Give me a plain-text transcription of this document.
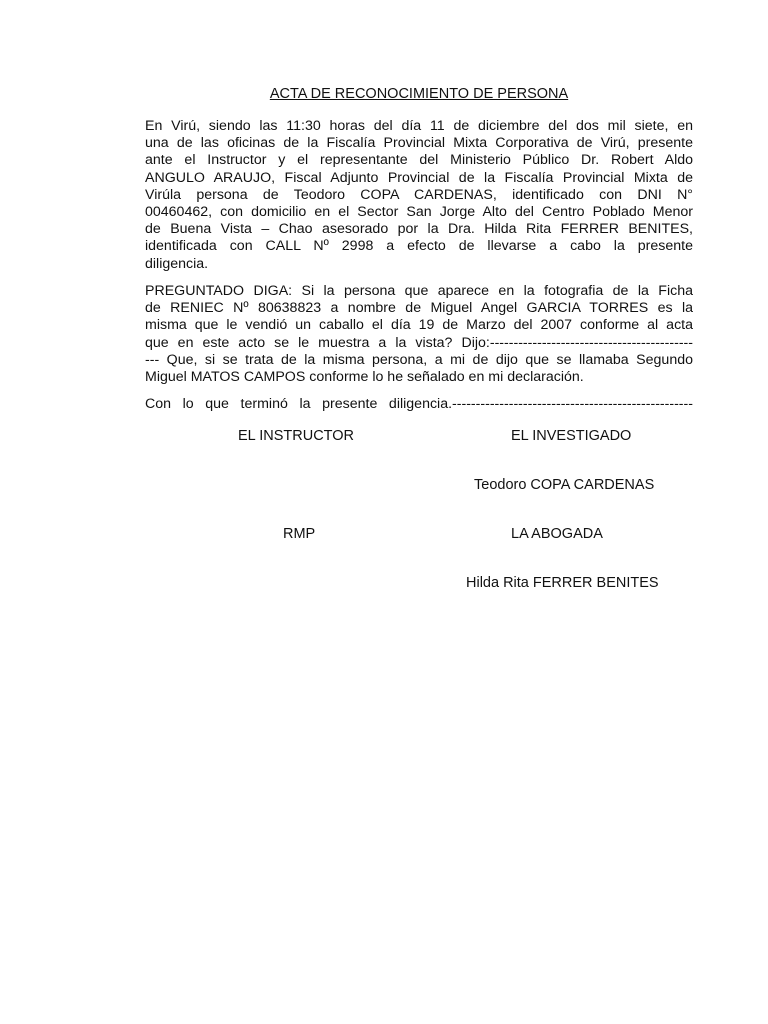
ACTA DE RECONOCIMIENTO DE PERSONA
En Virú, siendo las 11:30 horas del día 11 de diciembre del dos mil siete, en
una de las oficinas de la Fiscalía Provincial Mixta Corporativa de Virú, presente
ante el Instructor y el representante del Ministerio Público Dr. Robert Aldo
ANGULO ARAUJO, Fiscal Adjunto Provincial de la Fiscalía Provincial Mixta de
Virúla persona de Teodoro COPA CARDENAS, identificado con DNI N°
00460462, con domicilio en el Sector San Jorge Alto del Centro Poblado Menor
de Buena Vista – Chao asesorado por la Dra. Hilda Rita FERRER BENITES,
identificada con CALL Nº 2998 a efecto de llevarse a cabo la presente
diligencia.
PREGUNTADO DIGA: Si la persona que aparece en la fotografia de la Ficha
de RENIEC Nº 80638823 a nombre de Miguel Angel GARCIA TORRES es la
misma que le vendió un caballo el día 19 de Marzo del 2007 conforme al acta
que en este acto se le muestra a la vista? Dijo:-------------------------------------------
--- Que, si se trata de la misma persona, a mi de dijo que se llamaba Segundo
Miguel MATOS CAMPOS conforme lo he señalado en mi declaración.
Con lo que terminó la presente diligencia.---------------------------------------------------
EL INSTRUCTOR	EL INVESTIGADO
Teodoro COPA CARDENAS
RMP	LA ABOGADA
Hilda Rita FERRER BENITES
